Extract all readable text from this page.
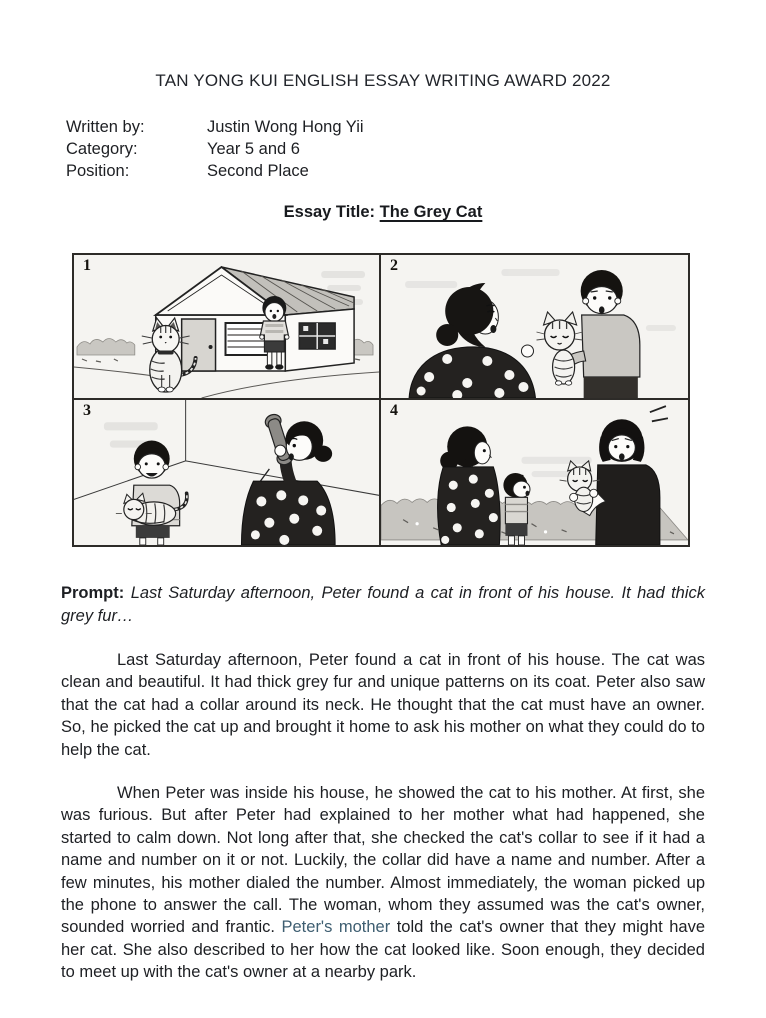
TAN YONG KUI ENGLISH ESSAY WRITING AWARD 2022
Written by:	Justin Wong Hong Yii
Category:	Year 5 and 6
Position:	Second Place
Essay Title: The Grey Cat
1	2
3	4

Prompt: Last Saturday afternoon, Peter found a cat in front of his house. It had thick grey fur…

Last Saturday afternoon, Peter found a cat in front of his house. The cat was clean and beautiful. It had thick grey fur and unique patterns on its coat. Peter also saw that the cat had a collar around its neck. He thought that the cat must have an owner. So, he picked the cat up and brought it home to ask his mother on what they could do to help the cat.

When Peter was inside his house, he showed the cat to his mother. At first, she was furious. But after Peter had explained to her mother what had happened, she started to calm down. Not long after that, she checked the cat's collar to see if it had a name and number on it or not. Luckily, the collar did have a name and number. After a few minutes, his mother dialed the number. Almost immediately, the woman picked up the phone to answer the call. The woman, whom they assumed was the cat's owner, sounded worried and frantic. Peter's mother told the cat's owner that they might have her cat. She also described to her how the cat looked like. Soon enough, they decided to meet up with the cat's owner at a nearby park.
